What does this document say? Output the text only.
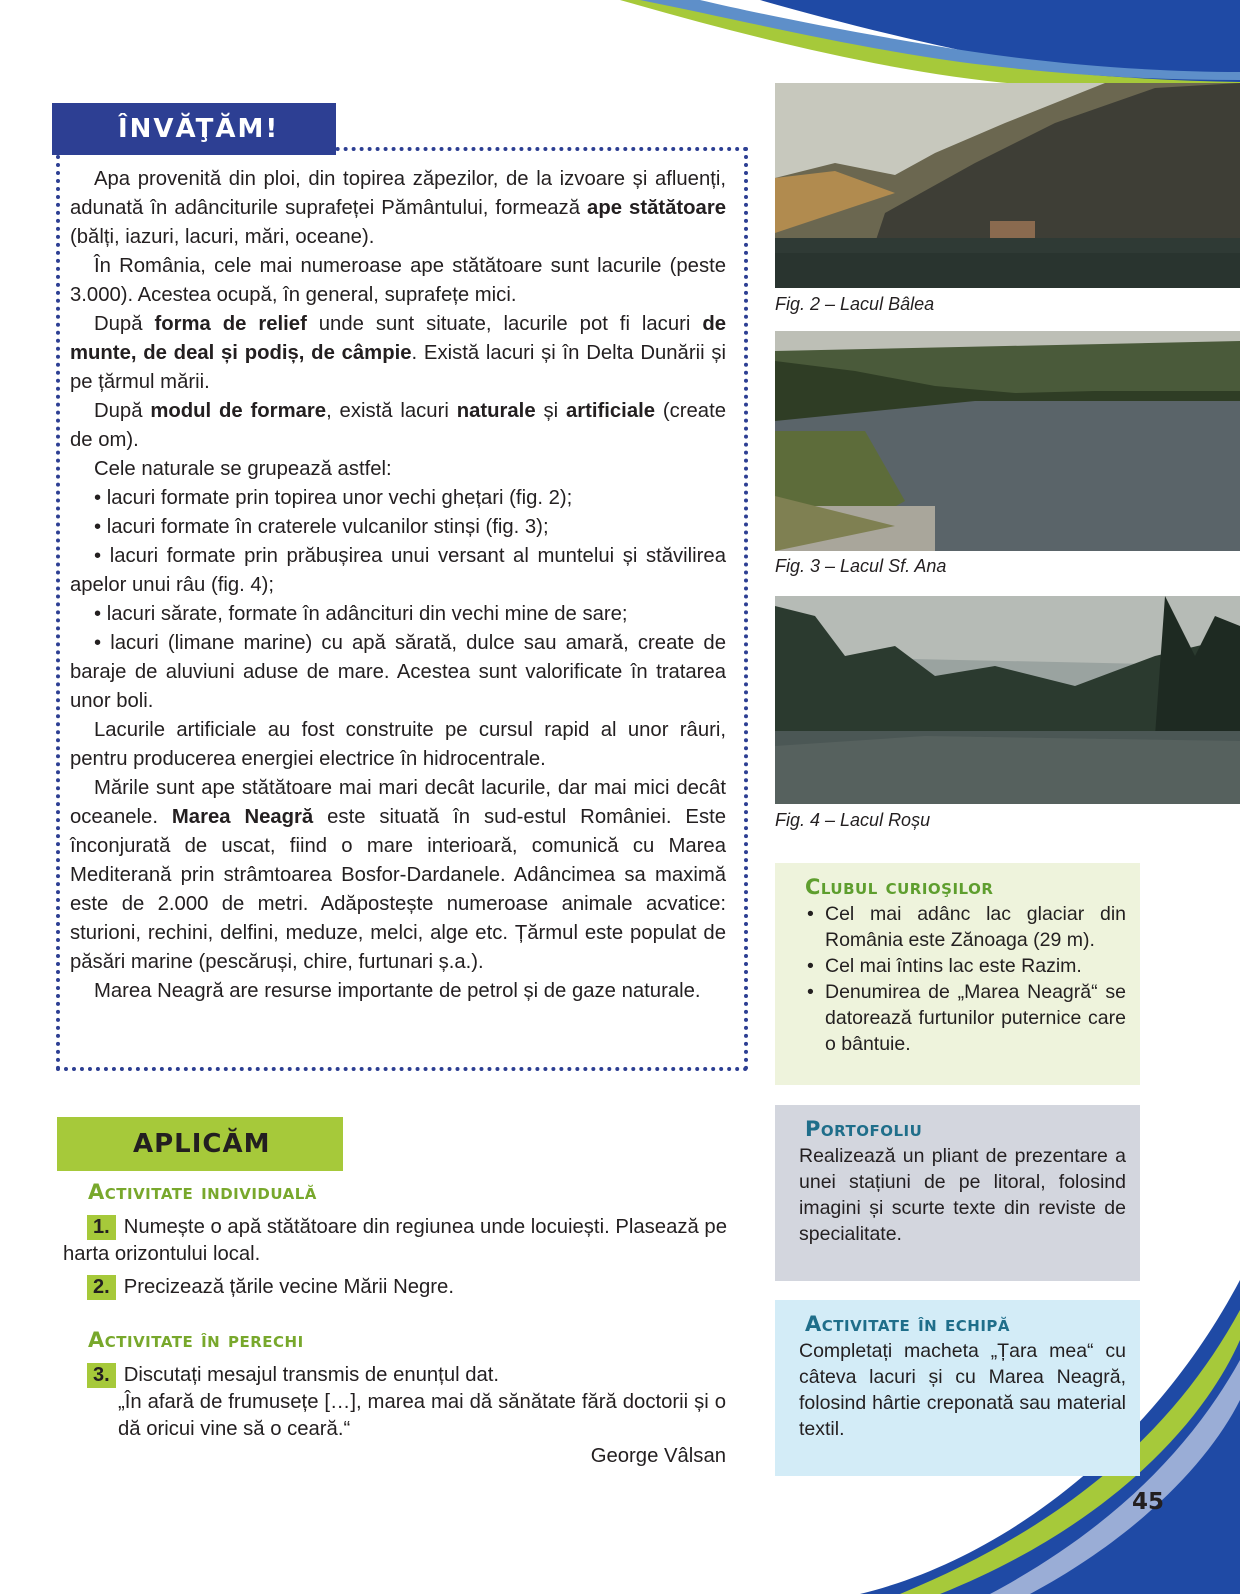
ÎNVĂŢĂM!

Apa provenită din ploi, din topirea zăpezilor, de la izvoare și afluenți, adunată în adânciturile suprafeței Pământului, formează ape stătătoare (bălți, iazuri, lacuri, mări, oceane).

În România, cele mai numeroase ape stătătoare sunt lacurile (peste 3.000). Acestea ocupă, în general, suprafețe mici.

După forma de relief unde sunt situate, lacurile pot fi lacuri de munte, de deal și podiș, de câmpie. Există lacuri și în Delta Dunării și pe țărmul mării.

După modul de formare, există lacuri naturale și artificiale (create de om).

Cele naturale se grupează astfel:

• lacuri formate prin topirea unor vechi ghețari (fig. 2);

• lacuri formate în craterele vulcanilor stinși (fig. 3);

• lacuri formate prin prăbușirea unui versant al muntelui și stăvilirea apelor unui râu (fig. 4);

• lacuri sărate, formate în adâncituri din vechi mine de sare;

• lacuri (limane marine) cu apă sărată, dulce sau amară, create de baraje de aluviuni aduse de mare. Acestea sunt valorificate în tratarea unor boli.

Lacurile artificiale au fost construite pe cursul rapid al unor râuri, pentru producerea energiei electrice în hidrocentrale.

Mările sunt ape stătătoare mai mari decât lacurile, dar mai mici decât oceanele. Marea Neagră este situată în sud-estul României. Este înconjurată de uscat, fiind o mare interioară, comunică cu Marea Mediterană prin strâmtoarea Bosfor-Dardanele. Adâncimea sa maximă este de 2.000 de metri. Adăpostește numeroase animale acvatice: sturioni, rechini, delfini, meduze, melci, alge etc. Țărmul este populat de păsări marine (pescăruși, chire, furtunari ș.a.).

Marea Neagră are resurse importante de petrol și de gaze naturale.

Fig. 2 – Lacul Bâlea
Fig. 3 – Lacul Sf. Ana
Fig. 4 – Lacul Roșu
Clubul curioşilor
• Cel mai adânc lac glaciar din România este Zănoaga (29 m).
• Cel mai întins lac este Razim.
• Denumirea de „Marea Neagră“ se datorează furtunilor puternice care o bântuie.
Portofoliu
Realizează un pliant de prezentare a unei stațiuni de pe litoral, folosind imagini și scurte texte din reviste de specialitate.
Activitate în echipă
Completați macheta „Țara mea“ cu câteva lacuri și cu Marea Neagră, folosind hârtie creponată sau material textil.
APLICĂM
Activitate individuală
1. Numește o apă stătătoare din regiunea unde locuiești. Plasează pe harta orizontului local.
2. Precizează țările vecine Mării Negre.
Activitate în perechi
3. Discutați mesajul transmis de enunțul dat.
„În afară de frumusețe […], marea mai dă sănătate fără doctorii și o dă oricui vine să o ceară.“
George Vâlsan
45
